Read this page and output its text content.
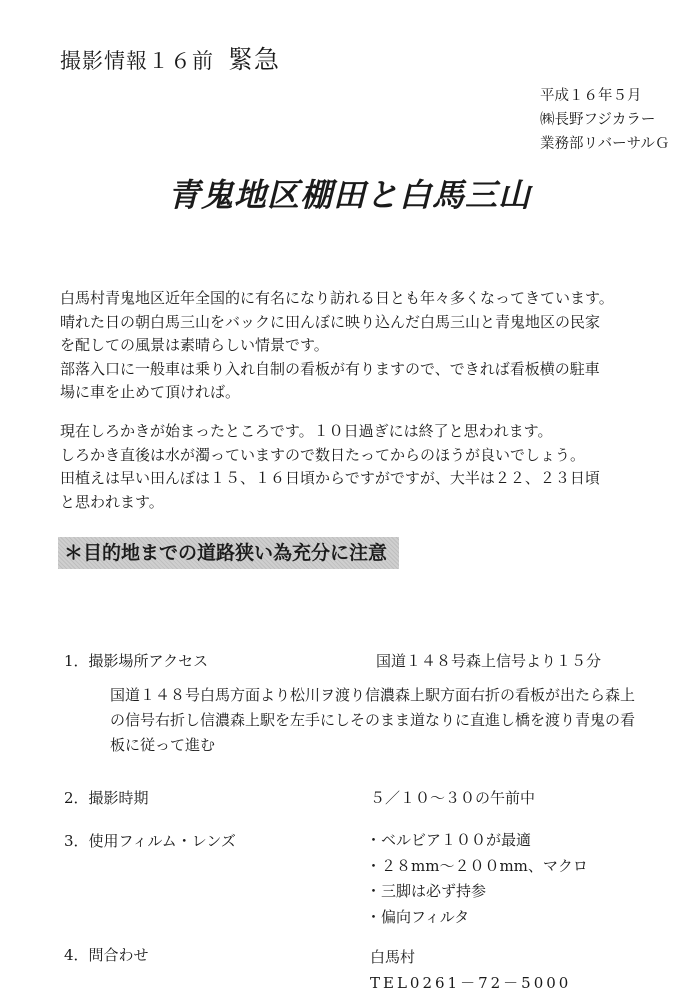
撮影情報１６前 緊急
平成１６年５月
㈱長野フジカラー
業務部リバーサルＧ
青鬼地区棚田と白馬三山
白馬村青鬼地区近年全国的に有名になり訪れる日とも年々多くなってきています。
晴れた日の朝白馬三山をバックに田んぼに映り込んだ白馬三山と青鬼地区の民家
を配しての風景は素晴らしい情景です。
部落入口に一般車は乗り入れ自制の看板が有りますので、できれば看板横の駐車
場に車を止めて頂ければ。
現在しろかきが始まったところです。１０日過ぎには終了と思われます。
しろかき直後は水が濁っていますので数日たってからのほうが良いでしょう。
田植えは早い田んぼは１５、１６日頃からですがですが、大半は２２、２３日頃
と思われます。
＊目的地までの道路狭い為充分に注意
1．撮影場所アクセス	国道１４８号森上信号より１５分
国道１４８号白馬方面より松川ヲ渡り信濃森上駅方面右折の看板が出たら森上
の信号右折し信濃森上駅を左手にしそのまま道なりに直進し橋を渡り青鬼の看
板に従って進む
2．撮影時期	５／１０～３０の午前中
3．使用フィルム・レンズ	・ベルビア１００が最適
・２８mm～２００mm、マクロ
・三脚は必ず持参
・偏向フィルタ
4．問合わせ	白馬村
TEL0261－72－5000
